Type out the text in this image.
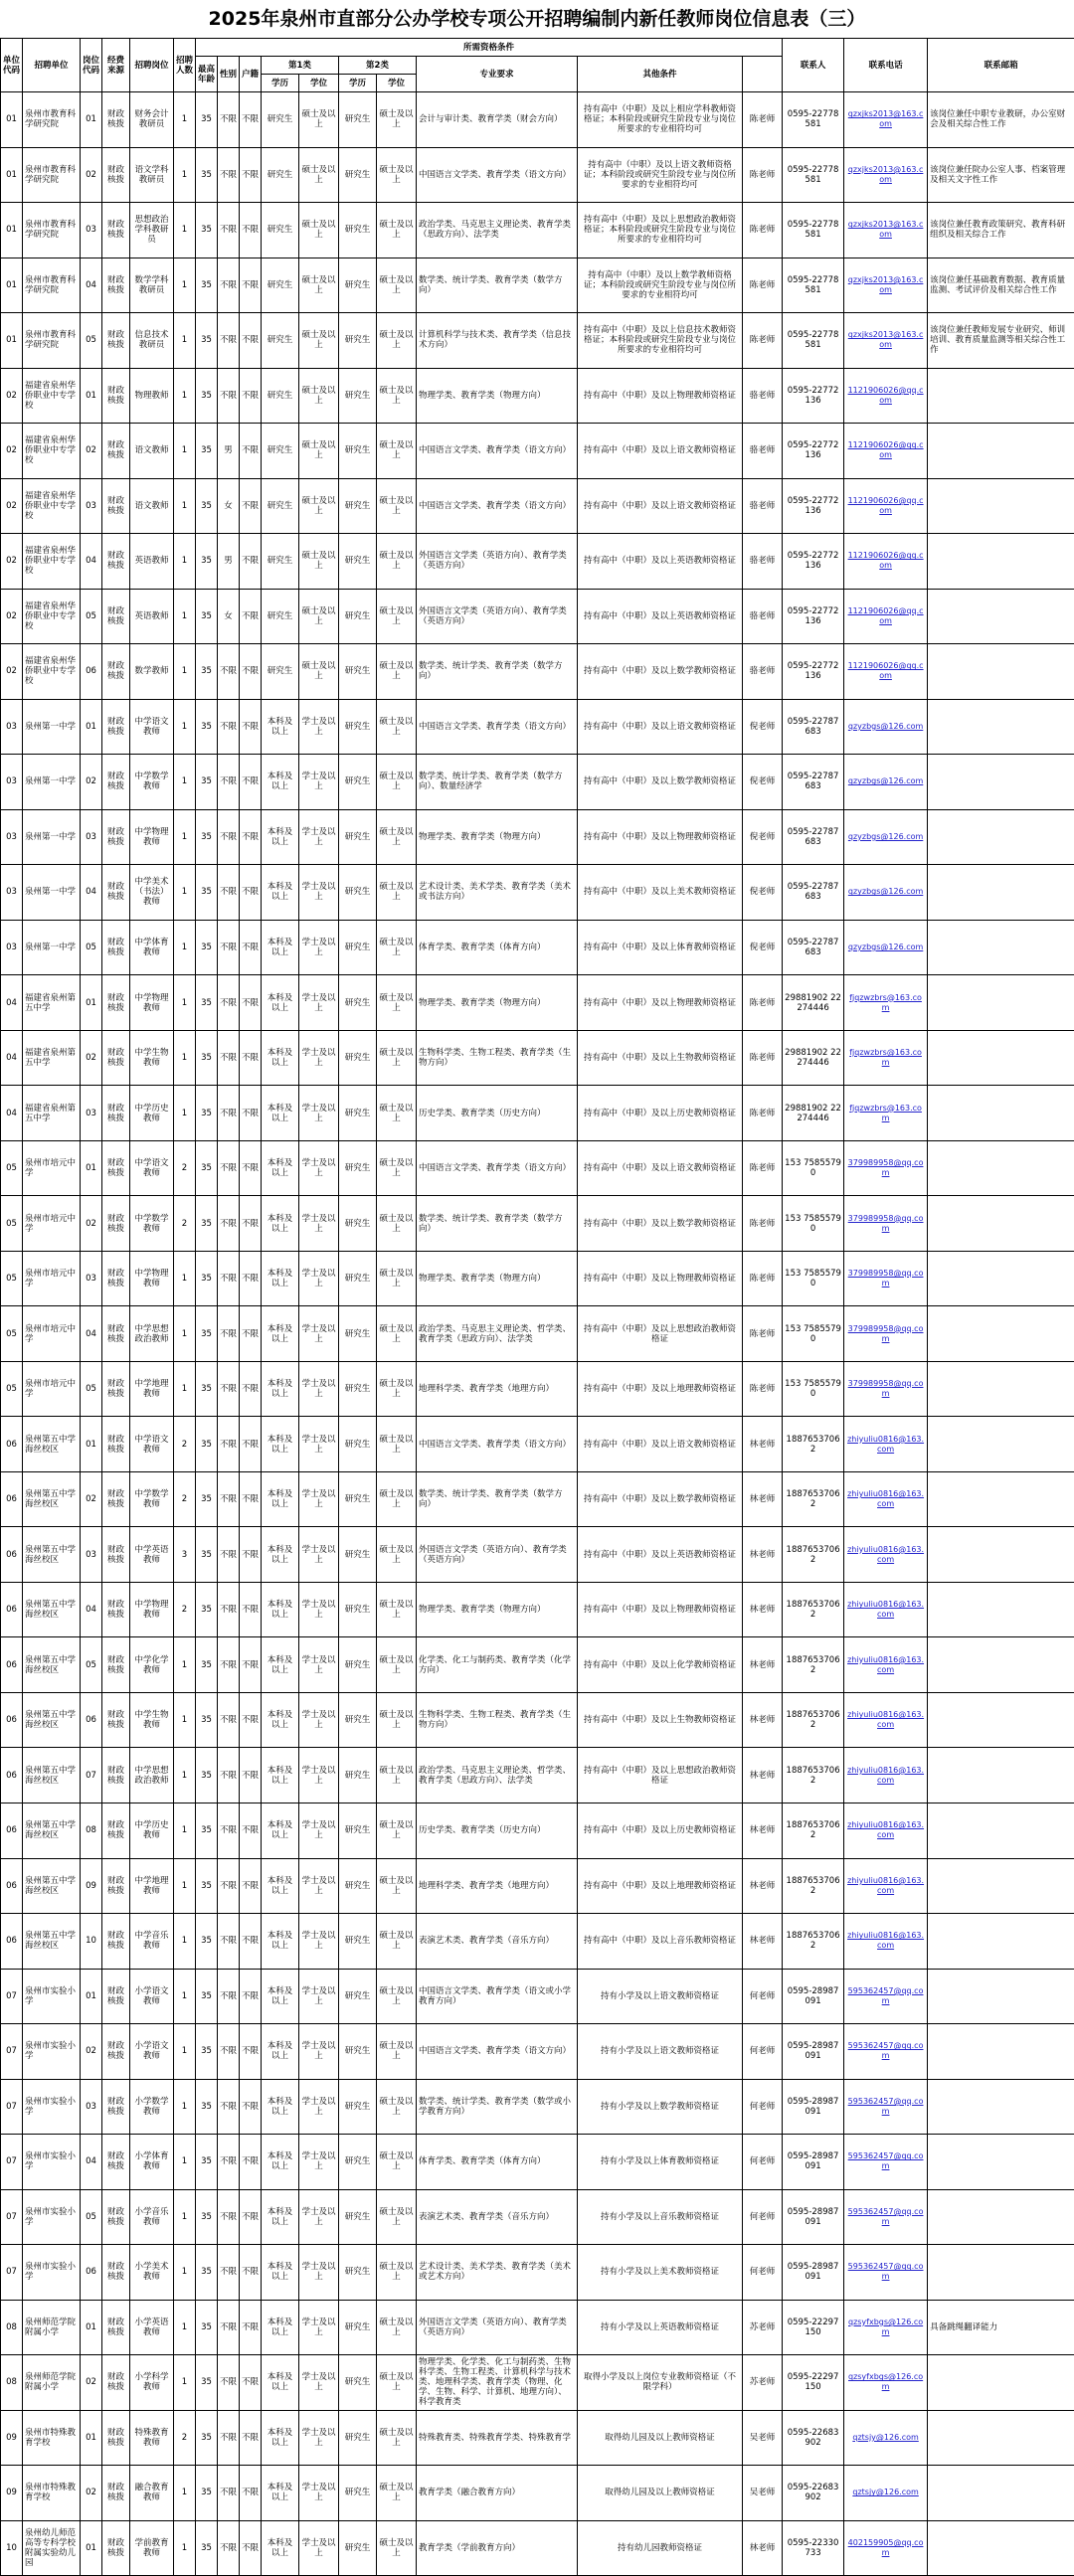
2025年泉州市直部分公办学校专项公开招聘编制内新任教师岗位信息表（三）
单位代码	招聘单位	岗位代码	经费来源	招聘岗位	招聘人数	所需资格条件										联系人	联系电话	联系邮箱	
						最高年龄	性别	户籍	第1类		第2类		专业要求	其他条件					
									学历	学位	学历	学位							
01	泉州市教育科学研究院	01	财政核拨	财务会计教研员	1	35	不限	不限	研究生	硕士及以上	研究生	硕士及以上	会计与审计类、教育学类（财会方向）	持有高中（中职）及以上相应学科教师资格证；本科阶段或研究生阶段专业与岗位所要求的专业相符均可	陈老师	0595-22778581	qzxjks2013@163.com	该岗位兼任中职专业教研，办公室财会及相关综合性工作	
01	泉州市教育科学研究院	02	财政核拨	语文学科教研员	1	35	不限	不限	研究生	硕士及以上	研究生	硕士及以上	中国语言文学类、教育学类（语文方向）	持有高中（中职）及以上语文教师资格证；本科阶段或研究生阶段专业与岗位所要求的专业相符均可	陈老师	0595-22778581	qzxjks2013@163.com	该岗位兼任院办公室人事、档案管理及相关文字性工作	
01	泉州市教育科学研究院	03	财政核拨	思想政治学科教研员	1	35	不限	不限	研究生	硕士及以上	研究生	硕士及以上	政治学类、马克思主义理论类、教育学类（思政方向）、法学类	持有高中（中职）及以上思想政治教师资格证；本科阶段或研究生阶段专业与岗位所要求的专业相符均可	陈老师	0595-22778581	qzxjks2013@163.com	该岗位兼任教育政策研究、教育科研组织及相关综合工作	
01	泉州市教育科学研究院	04	财政核拨	数学学科教研员	1	35	不限	不限	研究生	硕士及以上	研究生	硕士及以上	数学类、统计学类、教育学类（数学方向）	持有高中（中职）及以上数学教师资格证；本科阶段或研究生阶段专业与岗位所要求的专业相符均可	陈老师	0595-22778581	qzxjks2013@163.com	该岗位兼任基础教育数据、教育质量监测、考试评价及相关综合性工作	
01	泉州市教育科学研究院	05	财政核拨	信息技术教研员	1	35	不限	不限	研究生	硕士及以上	研究生	硕士及以上	计算机科学与技术类、教育学类（信息技术方向）	持有高中（中职）及以上信息技术教师资格证；本科阶段或研究生阶段专业与岗位所要求的专业相符均可	陈老师	0595-22778581	qzxjks2013@163.com	该岗位兼任教师发展专业研究、师训培训、教育质量监测等相关综合性工作	
02	福建省泉州华侨职业中专学校	01	财政核拨	物理教师	1	35	不限	不限	研究生	硕士及以上	研究生	硕士及以上	物理学类、教育学类（物理方向）	持有高中（中职）及以上物理教师资格证	骆老师	0595-22772136	1121906026@qq.com		
02	福建省泉州华侨职业中专学校	02	财政核拨	语文教师	1	35	男	不限	研究生	硕士及以上	研究生	硕士及以上	中国语言文学类、教育学类（语文方向）	持有高中（中职）及以上语文教师资格证	骆老师	0595-22772136	1121906026@qq.com		
02	福建省泉州华侨职业中专学校	03	财政核拨	语文教师	1	35	女	不限	研究生	硕士及以上	研究生	硕士及以上	中国语言文学类、教育学类（语文方向）	持有高中（中职）及以上语文教师资格证	骆老师	0595-22772136	1121906026@qq.com		
02	福建省泉州华侨职业中专学校	04	财政核拨	英语教师	1	35	男	不限	研究生	硕士及以上	研究生	硕士及以上	外国语言文学类（英语方向）、教育学类（英语方向）	持有高中（中职）及以上英语教师资格证	骆老师	0595-22772136	1121906026@qq.com		
02	福建省泉州华侨职业中专学校	05	财政核拨	英语教师	1	35	女	不限	研究生	硕士及以上	研究生	硕士及以上	外国语言文学类（英语方向）、教育学类（英语方向）	持有高中（中职）及以上英语教师资格证	骆老师	0595-22772136	1121906026@qq.com		
02	福建省泉州华侨职业中专学校	06	财政核拨	数学教师	1	35	不限	不限	研究生	硕士及以上	研究生	硕士及以上	数学类、统计学类、教育学类（数学方向）	持有高中（中职）及以上数学教师资格证	骆老师	0595-22772136	1121906026@qq.com		
03	泉州第一中学	01	财政核拨	中学语文教师	1	35	不限	不限	本科及以上	学士及以上	研究生	硕士及以上	中国语言文学类、教育学类（语文方向）	持有高中（中职）及以上语文教师资格证	倪老师	0595-22787683	qzyzbgs@126.com		
03	泉州第一中学	02	财政核拨	中学数学教师	1	35	不限	不限	本科及以上	学士及以上	研究生	硕士及以上	数学类、统计学类、教育学类（数学方向）、数量经济学	持有高中（中职）及以上数学教师资格证	倪老师	0595-22787683	qzyzbgs@126.com		
03	泉州第一中学	03	财政核拨	中学物理教师	1	35	不限	不限	本科及以上	学士及以上	研究生	硕士及以上	物理学类、教育学类（物理方向）	持有高中（中职）及以上物理教师资格证	倪老师	0595-22787683	qzyzbgs@126.com		
03	泉州第一中学	04	财政核拨	中学美术（书法）教师	1	35	不限	不限	本科及以上	学士及以上	研究生	硕士及以上	艺术设计类、美术学类、教育学类（美术或书法方向）	持有高中（中职）及以上美术教师资格证	倪老师	0595-22787683	qzyzbgs@126.com		
03	泉州第一中学	05	财政核拨	中学体育教师	1	35	不限	不限	本科及以上	学士及以上	研究生	硕士及以上	体育学类、教育学类（体育方向）	持有高中（中职）及以上体育教师资格证	倪老师	0595-22787683	qzyzbgs@126.com		
04	福建省泉州第五中学	01	财政核拨	中学物理教师	1	35	不限	不限	本科及以上	学士及以上	研究生	硕士及以上	物理学类、教育学类（物理方向）	持有高中（中职）及以上物理教师资格证	陈老师	29881902 22274446	fjqzwzbrs@163.com		
04	福建省泉州第五中学	02	财政核拨	中学生物教师	1	35	不限	不限	本科及以上	学士及以上	研究生	硕士及以上	生物科学类、生物工程类、教育学类（生物方向）	持有高中（中职）及以上生物教师资格证	陈老师	29881902 22274446	fjqzwzbrs@163.com		
04	福建省泉州第五中学	03	财政核拨	中学历史教师	1	35	不限	不限	本科及以上	学士及以上	研究生	硕士及以上	历史学类、教育学类（历史方向）	持有高中（中职）及以上历史教师资格证	陈老师	29881902 22274446	fjqzwzbrs@163.com		
05	泉州市培元中学	01	财政核拨	中学语文教师	2	35	不限	不限	本科及以上	学士及以上	研究生	硕士及以上	中国语言文学类、教育学类（语文方向）	持有高中（中职）及以上语文教师资格证	陈老师	153 75855790	379989958@qq.com		
05	泉州市培元中学	02	财政核拨	中学数学教师	2	35	不限	不限	本科及以上	学士及以上	研究生	硕士及以上	数学类、统计学类、教育学类（数学方向）	持有高中（中职）及以上数学教师资格证	陈老师	153 75855790	379989958@qq.com		
05	泉州市培元中学	03	财政核拨	中学物理教师	1	35	不限	不限	本科及以上	学士及以上	研究生	硕士及以上	物理学类、教育学类（物理方向）	持有高中（中职）及以上物理教师资格证	陈老师	153 75855790	379989958@qq.com		
05	泉州市培元中学	04	财政核拨	中学思想政治教师	1	35	不限	不限	本科及以上	学士及以上	研究生	硕士及以上	政治学类、马克思主义理论类、哲学类、教育学类（思政方向）、法学类	持有高中（中职）及以上思想政治教师资格证	陈老师	153 75855790	379989958@qq.com		
05	泉州市培元中学	05	财政核拨	中学地理教师	1	35	不限	不限	本科及以上	学士及以上	研究生	硕士及以上	地理科学类、教育学类（地理方向）	持有高中（中职）及以上地理教师资格证	陈老师	153 75855790	379989958@qq.com		
06	泉州第五中学海丝校区	01	财政核拨	中学语文教师	2	35	不限	不限	本科及以上	学士及以上	研究生	硕士及以上	中国语言文学类、教育学类（语文方向）	持有高中（中职）及以上语文教师资格证	林老师	18876537062	zhiyuliu0816@163.com		
06	泉州第五中学海丝校区	02	财政核拨	中学数学教师	2	35	不限	不限	本科及以上	学士及以上	研究生	硕士及以上	数学类、统计学类、教育学类（数学方向）	持有高中（中职）及以上数学教师资格证	林老师	18876537062	zhiyuliu0816@163.com		
06	泉州第五中学海丝校区	03	财政核拨	中学英语教师	3	35	不限	不限	本科及以上	学士及以上	研究生	硕士及以上	外国语言文学类（英语方向）、教育学类（英语方向）	持有高中（中职）及以上英语教师资格证	林老师	18876537062	zhiyuliu0816@163.com		
06	泉州第五中学海丝校区	04	财政核拨	中学物理教师	2	35	不限	不限	本科及以上	学士及以上	研究生	硕士及以上	物理学类、教育学类（物理方向）	持有高中（中职）及以上物理教师资格证	林老师	18876537062	zhiyuliu0816@163.com		
06	泉州第五中学海丝校区	05	财政核拨	中学化学教师	1	35	不限	不限	本科及以上	学士及以上	研究生	硕士及以上	化学类、化工与制药类、教育学类（化学方向）	持有高中（中职）及以上化学教师资格证	林老师	18876537062	zhiyuliu0816@163.com		
06	泉州第五中学海丝校区	06	财政核拨	中学生物教师	1	35	不限	不限	本科及以上	学士及以上	研究生	硕士及以上	生物科学类、生物工程类、教育学类（生物方向）	持有高中（中职）及以上生物教师资格证	林老师	18876537062	zhiyuliu0816@163.com		
06	泉州第五中学海丝校区	07	财政核拨	中学思想政治教师	1	35	不限	不限	本科及以上	学士及以上	研究生	硕士及以上	政治学类、马克思主义理论类、哲学类、教育学类（思政方向）、法学类	持有高中（中职）及以上思想政治教师资格证	林老师	18876537062	zhiyuliu0816@163.com		
06	泉州第五中学海丝校区	08	财政核拨	中学历史教师	1	35	不限	不限	本科及以上	学士及以上	研究生	硕士及以上	历史学类、教育学类（历史方向）	持有高中（中职）及以上历史教师资格证	林老师	18876537062	zhiyuliu0816@163.com		
06	泉州第五中学海丝校区	09	财政核拨	中学地理教师	1	35	不限	不限	本科及以上	学士及以上	研究生	硕士及以上	地理科学类、教育学类（地理方向）	持有高中（中职）及以上地理教师资格证	林老师	18876537062	zhiyuliu0816@163.com		
06	泉州第五中学海丝校区	10	财政核拨	中学音乐教师	1	35	不限	不限	本科及以上	学士及以上	研究生	硕士及以上	表演艺术类、教育学类（音乐方向）	持有高中（中职）及以上音乐教师资格证	林老师	18876537062	zhiyuliu0816@163.com		
07	泉州市实验小学	01	财政核拨	小学语文教师	1	35	不限	不限	本科及以上	学士及以上	研究生	硕士及以上	中国语言文学类、教育学类（语文或小学教育方向）	持有小学及以上语文教师资格证	何老师	0595-28987091	595362457@qq.com		
07	泉州市实验小学	02	财政核拨	小学语文教师	1	35	不限	不限	本科及以上	学士及以上	研究生	硕士及以上	中国语言文学类、教育学类（语文方向）	持有小学及以上语文教师资格证	何老师	0595-28987091	595362457@qq.com		
07	泉州市实验小学	03	财政核拨	小学数学教师	1	35	不限	不限	本科及以上	学士及以上	研究生	硕士及以上	数学类、统计学类、教育学类（数学或小学教育方向）	持有小学及以上数学教师资格证	何老师	0595-28987091	595362457@qq.com		
07	泉州市实验小学	04	财政核拨	小学体育教师	1	35	不限	不限	本科及以上	学士及以上	研究生	硕士及以上	体育学类、教育学类（体育方向）	持有小学及以上体育教师资格证	何老师	0595-28987091	595362457@qq.com		
07	泉州市实验小学	05	财政核拨	小学音乐教师	1	35	不限	不限	本科及以上	学士及以上	研究生	硕士及以上	表演艺术类、教育学类（音乐方向）	持有小学及以上音乐教师资格证	何老师	0595-28987091	595362457@qq.com		
07	泉州市实验小学	06	财政核拨	小学美术教师	1	35	不限	不限	本科及以上	学士及以上	研究生	硕士及以上	艺术设计类、美术学类、教育学类（美术或艺术方向）	持有小学及以上美术教师资格证	何老师	0595-28987091	595362457@qq.com		
08	泉州师范学院附属小学	01	财政核拨	小学英语教师	1	35	不限	不限	本科及以上	学士及以上	研究生	硕士及以上	外国语言文学类（英语方向）、教育学类（英语方向）	持有小学及以上英语教师资格证	苏老师	0595-22297150	qzsyfxbgs@126.com	具备跳绳翻译能力	
08	泉州师范学院附属小学	02	财政核拨	小学科学教师	1	35	不限	不限	本科及以上	学士及以上	研究生	硕士及以上	物理学类、化学类、化工与制药类、生物科学类、生物工程类、计算机科学与技术类、地理科学类、教育学类（物理、化学、生物、科学、计算机、地理方向）、科学教育类	取得小学及以上岗位专业教师资格证（不限学科）	苏老师	0595-22297150	qzsyfxbgs@126.com		
09	泉州市特殊教育学校	01	财政核拨	特殊教育教师	2	35	不限	不限	本科及以上	学士及以上	研究生	硕士及以上	特殊教育类、特殊教育学类、特殊教育学	取得幼儿园及以上教师资格证	吴老师	0595-22683902	qztsjy@126.com		
09	泉州市特殊教育学校	02	财政核拨	融合教育教师	1	35	不限	不限	本科及以上	学士及以上	研究生	硕士及以上	教育学类（融合教育方向）	取得幼儿园及以上教师资格证	吴老师	0595-22683902	qztsjy@126.com		
10	泉州幼儿师范高等专科学校附属实验幼儿园	01	财政核拨	学前教育教师	1	35	不限	不限	本科及以上	学士及以上	研究生	硕士及以上	教育学类（学前教育方向）	持有幼儿园教师资格证	林老师	0595-22330733	402159905@qq.com		
